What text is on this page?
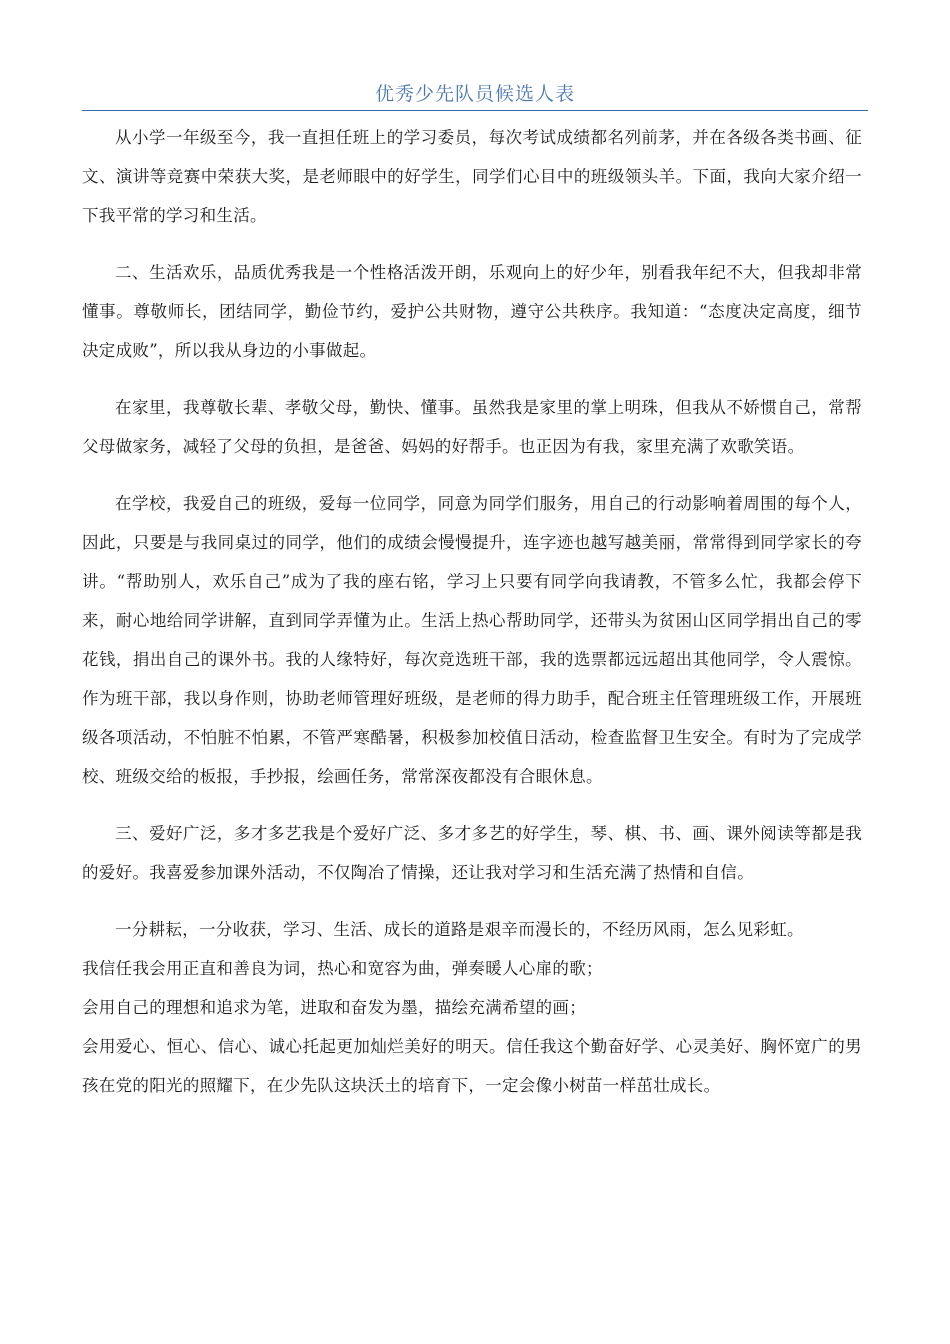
优秀少先队员候选人表

从小学一年级至今，我一直担任班上的学习委员，每次考试成绩都名列前茅，并在各级各类书画、征文、演讲等竞赛中荣获大奖，是老师眼中的好学生，同学们心目中的班级领头羊。下面，我向大家介绍一下我平常的学习和生活。

二、生活欢乐，品质优秀我是一个性格活泼开朗，乐观向上的好少年，别看我年纪不大，但我却非常懂事。尊敬师长，团结同学，勤俭节约，爱护公共财物，遵守公共秩序。我知道：“态度决定高度，细节决定成败”，所以我从身边的小事做起。

在家里，我尊敬长辈、孝敬父母，勤快、懂事。虽然我是家里的掌上明珠，但我从不娇惯自己，常帮父母做家务，减轻了父母的负担，是爸爸、妈妈的好帮手。也正因为有我，家里充满了欢歌笑语。

在学校，我爱自己的班级，爱每一位同学，同意为同学们服务，用自己的行动影响着周围的每个人，因此，只要是与我同桌过的同学，他们的成绩会慢慢提升，连字迹也越写越美丽，常常得到同学家长的夸讲。“帮助别人，欢乐自己”成为了我的座右铭，学习上只要有同学向我请教，不管多么忙，我都会停下来，耐心地给同学讲解，直到同学弄懂为止。生活上热心帮助同学，还带头为贫困山区同学捐出自己的零花钱，捐出自己的课外书。我的人缘特好，每次竞选班干部，我的选票都远远超出其他同学，令人震惊。作为班干部，我以身作则，协助老师管理好班级，是老师的得力助手，配合班主任管理班级工作，开展班级各项活动，不怕脏不怕累，不管严寒酷暑，积极参加校值日活动，检查监督卫生安全。有时为了完成学校、班级交给的板报，手抄报，绘画任务，常常深夜都没有合眼休息。

三、爱好广泛，多才多艺我是个爱好广泛、多才多艺的好学生，琴、棋、书、画、课外阅读等都是我的爱好。我喜爱参加课外活动，不仅陶冶了情操，还让我对学习和生活充满了热情和自信。

一分耕耘，一分收获，学习、生活、成长的道路是艰辛而漫长的，不经历风雨，怎么见彩虹。

我信任我会用正直和善良为词，热心和宽容为曲，弹奏暖人心扉的歌；

会用自己的理想和追求为笔，进取和奋发为墨，描绘充满希望的画；

会用爱心、恒心、信心、诚心托起更加灿烂美好的明天。信任我这个勤奋好学、心灵美好、胸怀宽广的男孩在党的阳光的照耀下，在少先队这块沃土的培育下，一定会像小树苗一样茁壮成长。
